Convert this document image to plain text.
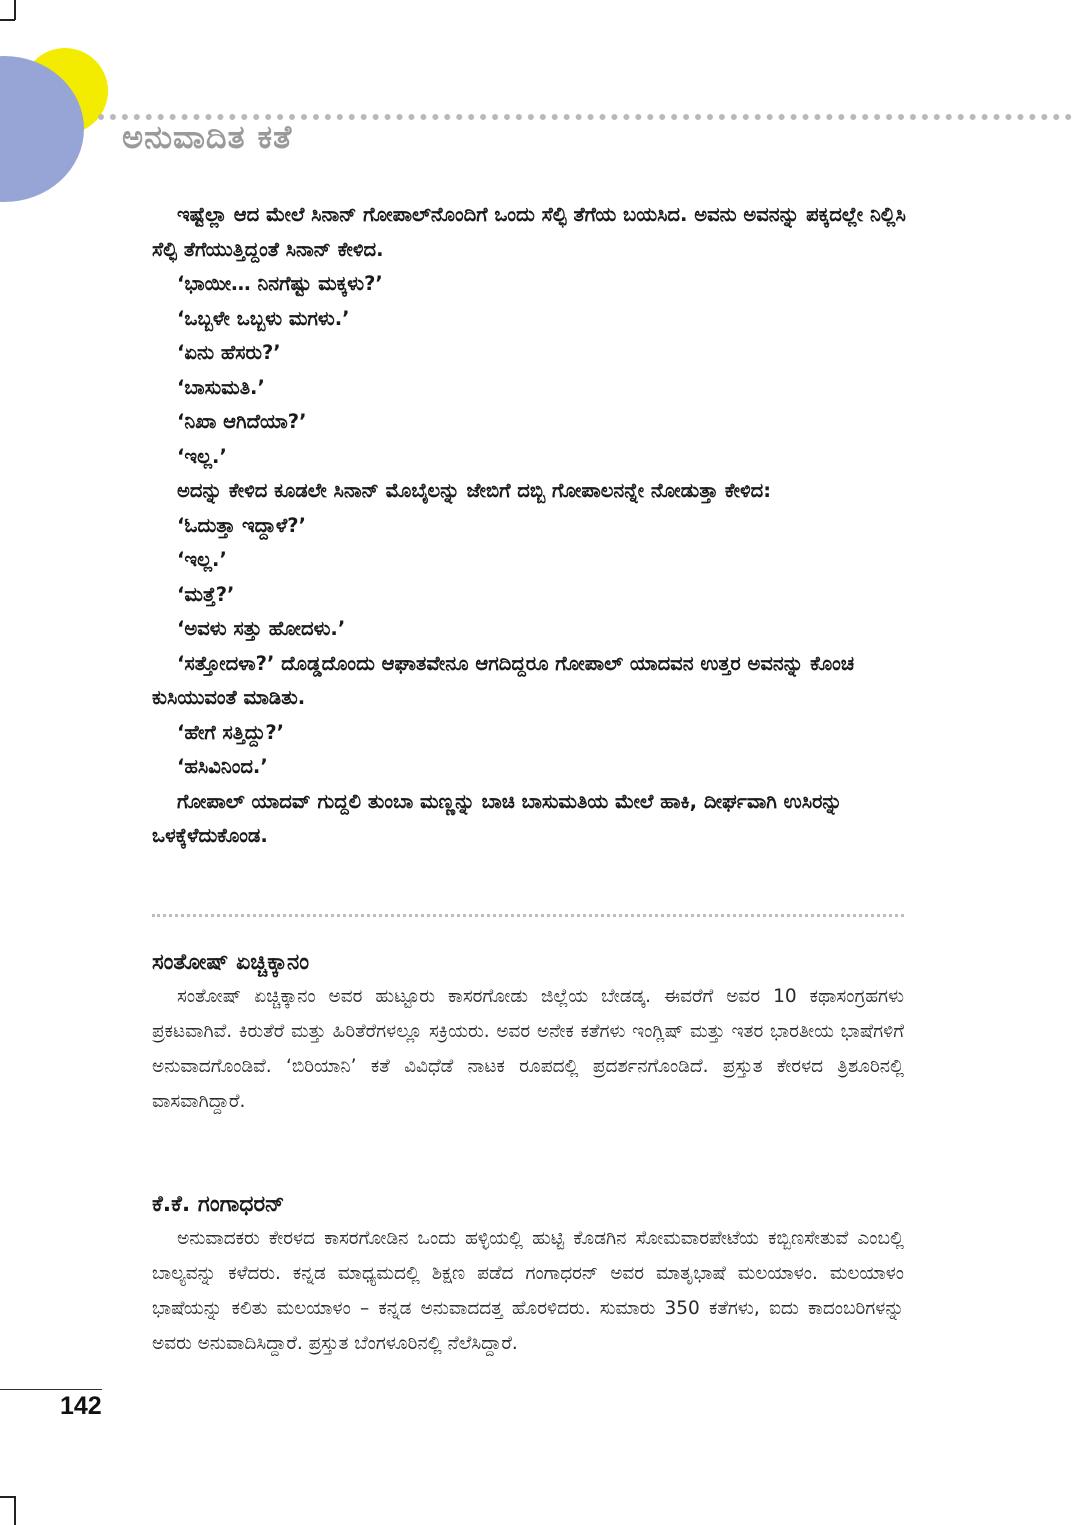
ಅನುವಾದಿತ ಕತೆ

ಇಷ್ಟೆಲ್ಲಾ ಆದ ಮೇಲೆ ಸಿನಾನ್ ಗೋಪಾಲ್‌ನೊಂದಿಗೆ ಒಂದು ಸೆಲ್ಫಿ ತೆಗೆಯ ಬಯಸಿದ. ಅವನು ಅವನನ್ನು ಪಕ್ಕದಲ್ಲೇ ನಿಲ್ಲಿಸಿ ಸೆಲ್ಫಿ ತೆಗೆಯುತ್ತಿದ್ದಂತೆ ಸಿನಾನ್ ಕೇಳಿದ.

‘ಭಾಯೀ… ನಿನಗೆಷ್ಟು ಮಕ್ಕಳು?’

‘ಒಬ್ಬಳೇ ಒಬ್ಬಳು ಮಗಳು.’

‘ಏನು ಹೆಸರು?’

‘ಬಾಸುಮತಿ.’

‘ನಿಖಾ ಆಗಿದೆಯಾ?’

‘ಇಲ್ಲ.’

ಅದನ್ನು ಕೇಳಿದ ಕೂಡಲೇ ಸಿನಾನ್ ಮೊಬೈಲನ್ನು ಜೇಬಿಗೆ ದಬ್ಬಿ ಗೋಪಾಲನನ್ನೇ ನೋಡುತ್ತಾ ಕೇಳಿದ:

‘ಓದುತ್ತಾ ಇದ್ದಾಳೆ?’

‘ಇಲ್ಲ.’

‘ಮತ್ತೆ?’

‘ಅವಳು ಸತ್ತು ಹೋದಳು.’

‘ಸತ್ತೋದಳಾ?’ ದೊಡ್ಡದೊಂದು ಆಘಾತವೇನೂ ಆಗದಿದ್ದರೂ ಗೋಪಾಲ್ ಯಾದವನ ಉತ್ತರ ಅವನನ್ನು ಕೊಂಚ ಕುಸಿಯುವಂತೆ ಮಾಡಿತು.

‘ಹೇಗೆ ಸತ್ತಿದ್ದು?’

‘ಹಸಿವಿನಿಂದ.’

ಗೋಪಾಲ್ ಯಾದವ್ ಗುದ್ದಲಿ ತುಂಬಾ ಮಣ್ಣನ್ನು ಬಾಚಿ ಬಾಸುಮತಿಯ ಮೇಲೆ ಹಾಕಿ, ದೀರ್ಘವಾಗಿ ಉಸಿರನ್ನು ಒಳಕ್ಕೆಳೆದುಕೊಂಡ.

ಸಂತೋಷ್ ಏಚ್ಚಿಕ್ಕಾನಂ

ಸಂತೋಷ್ ಏಚ್ಚಿಕ್ಕಾನಂ ಅವರ ಹುಟ್ಟೂರು ಕಾಸರಗೋಡು ಜಿಲ್ಲೆಯ ಬೇಡಡ್ಕ. ಈವರೆಗೆ ಅವರ 10 ಕಥಾಸಂಗ್ರಹಗಳು ಪ್ರಕಟವಾಗಿವೆ. ಕಿರುತೆರೆ ಮತ್ತು ಹಿರಿತೆರೆಗಳಲ್ಲೂ ಸಕ್ರಿಯರು. ಅವರ ಅನೇಕ ಕತೆಗಳು ಇಂಗ್ಲಿಷ್ ಮತ್ತು ಇತರ ಭಾರತೀಯ ಭಾಷೆಗಳಿಗೆ ಅನುವಾದಗೊಂಡಿವೆ. ‘ಬಿರಿಯಾನಿ’ ಕತೆ ವಿವಿಧೆಡೆ ನಾಟಕ ರೂಪದಲ್ಲಿ ಪ್ರದರ್ಶನಗೊಂಡಿದೆ. ಪ್ರಸ್ತುತ ಕೇರಳದ ತ್ರಿಶೂರಿನಲ್ಲಿ ವಾಸವಾಗಿದ್ದಾರೆ.

ಕೆ.ಕೆ. ಗಂಗಾಧರನ್

ಅನುವಾದಕರು ಕೇರಳದ ಕಾಸರಗೋಡಿನ ಒಂದು ಹಳ್ಳಿಯಲ್ಲಿ ಹುಟ್ಟಿ ಕೊಡಗಿನ ಸೋಮವಾರಪೇಟೆಯ ಕಬ್ಬಿಣಸೇತುವೆ ಎಂಬಲ್ಲಿ ಬಾಲ್ಯವನ್ನು ಕಳೆದರು. ಕನ್ನಡ ಮಾಧ್ಯಮದಲ್ಲಿ ಶಿಕ್ಷಣ ಪಡೆದ ಗಂಗಾಧರನ್ ಅವರ ಮಾತೃಭಾಷೆ ಮಲಯಾಳಂ. ಮಲಯಾಳಂ ಭಾಷೆಯನ್ನು ಕಲಿತು ಮಲಯಾಳಂ – ಕನ್ನಡ ಅನುವಾದದತ್ತ ಹೊರಳಿದರು. ಸುಮಾರು 350 ಕತೆಗಳು, ಐದು ಕಾದಂಬರಿಗಳನ್ನು ಅವರು ಅನುವಾದಿಸಿದ್ದಾರೆ. ಪ್ರಸ್ತುತ ಬೆಂಗಳೂರಿನಲ್ಲಿ ನೆಲೆಸಿದ್ದಾರೆ.

142
